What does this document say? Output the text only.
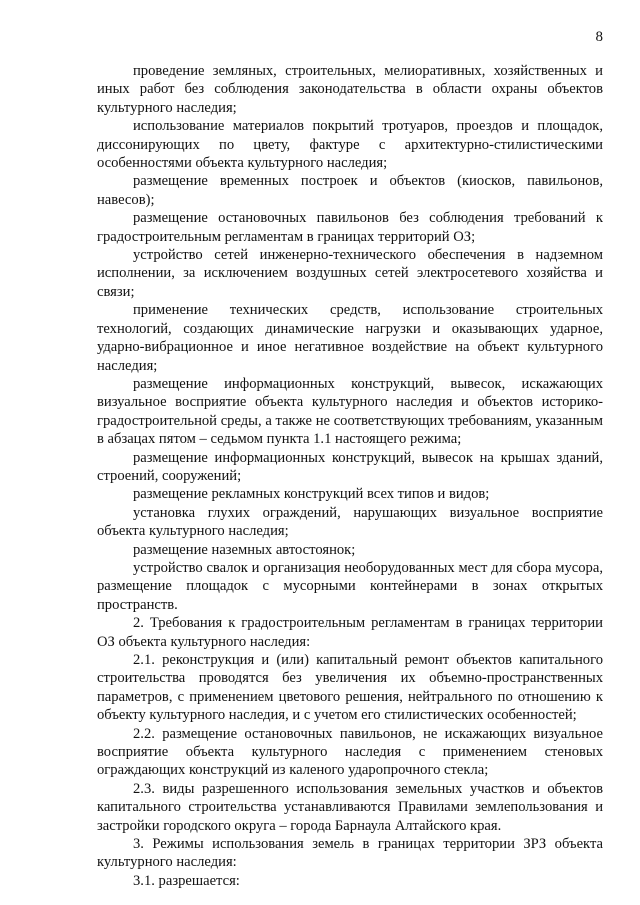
8

проведение земляных, строительных, мелиоративных, хозяйственных и иных работ без соблюдения законодательства в области охраны объектов культурного наследия;

использование материалов покрытий тротуаров, проездов и площадок, диссонирующих по цвету, фактуре с архитектурно-стилистическими особенностями объекта культурного наследия;

размещение временных построек и объектов (киосков, павильонов, навесов);

размещение остановочных павильонов без соблюдения требований к градостроительным регламентам в границах территорий ОЗ;

устройство сетей инженерно-технического обеспечения в надземном исполнении, за исключением воздушных сетей электросетевого хозяйства и связи;

применение технических средств, использование строительных технологий, создающих динамические нагрузки и оказывающих ударное, ударно-вибрационное и иное негативное воздействие на объект культурного наследия;

размещение информационных конструкций, вывесок, искажающих визуальное восприятие объекта культурного наследия и объектов историко-градостроительной среды, а также не соответствующих требованиям, указанным в абзацах пятом – седьмом пункта 1.1 настоящего режима;

размещение информационных конструкций, вывесок на крышах зданий, строений, сооружений;

размещение рекламных конструкций всех типов и видов;

установка глухих ограждений, нарушающих визуальное восприятие объекта культурного наследия;

размещение наземных автостоянок;

устройство свалок и организация необорудованных мест для сбора мусора, размещение площадок с мусорными контейнерами в зонах открытых пространств.

2. Требования к градостроительным регламентам в границах территории ОЗ объекта культурного наследия:

2.1. реконструкция и (или) капитальный ремонт объектов капитального строительства проводятся без увеличения их объемно-пространственных параметров, с применением цветового решения, нейтрального по отношению к объекту культурного наследия, и с учетом его стилистических особенностей;

2.2. размещение остановочных павильонов, не искажающих визуальное восприятие объекта культурного наследия с применением стеновых ограждающих конструкций из каленого ударопрочного стекла;

2.3. виды разрешенного использования земельных участков и объектов капитального строительства устанавливаются Правилами землепользования и застройки городского округа – города Барнаула Алтайского края.

3. Режимы использования земель в границах территории ЗРЗ объекта культурного наследия:

3.1. разрешается:
